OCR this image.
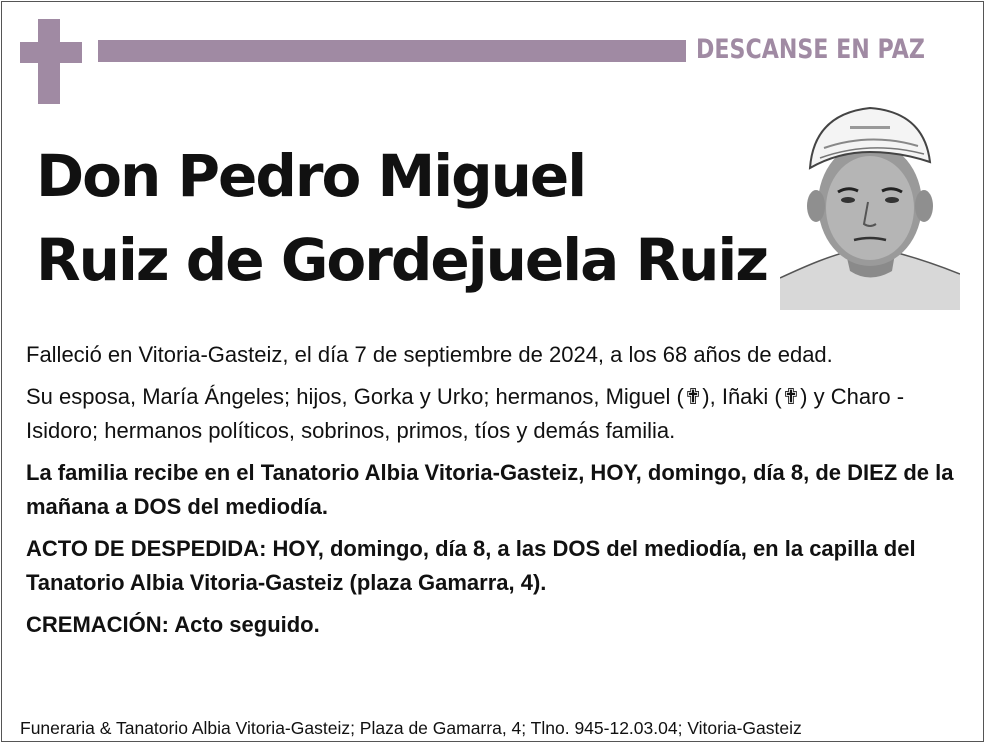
DESCANSE EN PAZ
Don Pedro Miguel
Ruiz de Gordejuela Ruiz

Falleció en Vitoria-Gasteiz, el día 7 de septiembre de 2024, a los 68 años de edad.

Su esposa, María Ángeles; hijos, Gorka y Urko; hermanos, Miguel (✟), Iñaki (✟) y Charo - Isidoro; hermanos políticos, sobrinos, primos, tíos y demás familia.

La familia recibe en el Tanatorio Albia Vitoria-Gasteiz, HOY, domingo, día 8, de DIEZ de la mañana a DOS del mediodía.

ACTO DE DESPEDIDA: HOY, domingo, día 8, a las DOS del mediodía, en la capilla del Tanatorio Albia Vitoria-Gasteiz (plaza Gamarra, 4).

CREMACIÓN: Acto seguido.

Funeraria & Tanatorio Albia Vitoria-Gasteiz; Plaza de Gamarra, 4; Tlno. 945-12.03.04; Vitoria-Gasteiz
